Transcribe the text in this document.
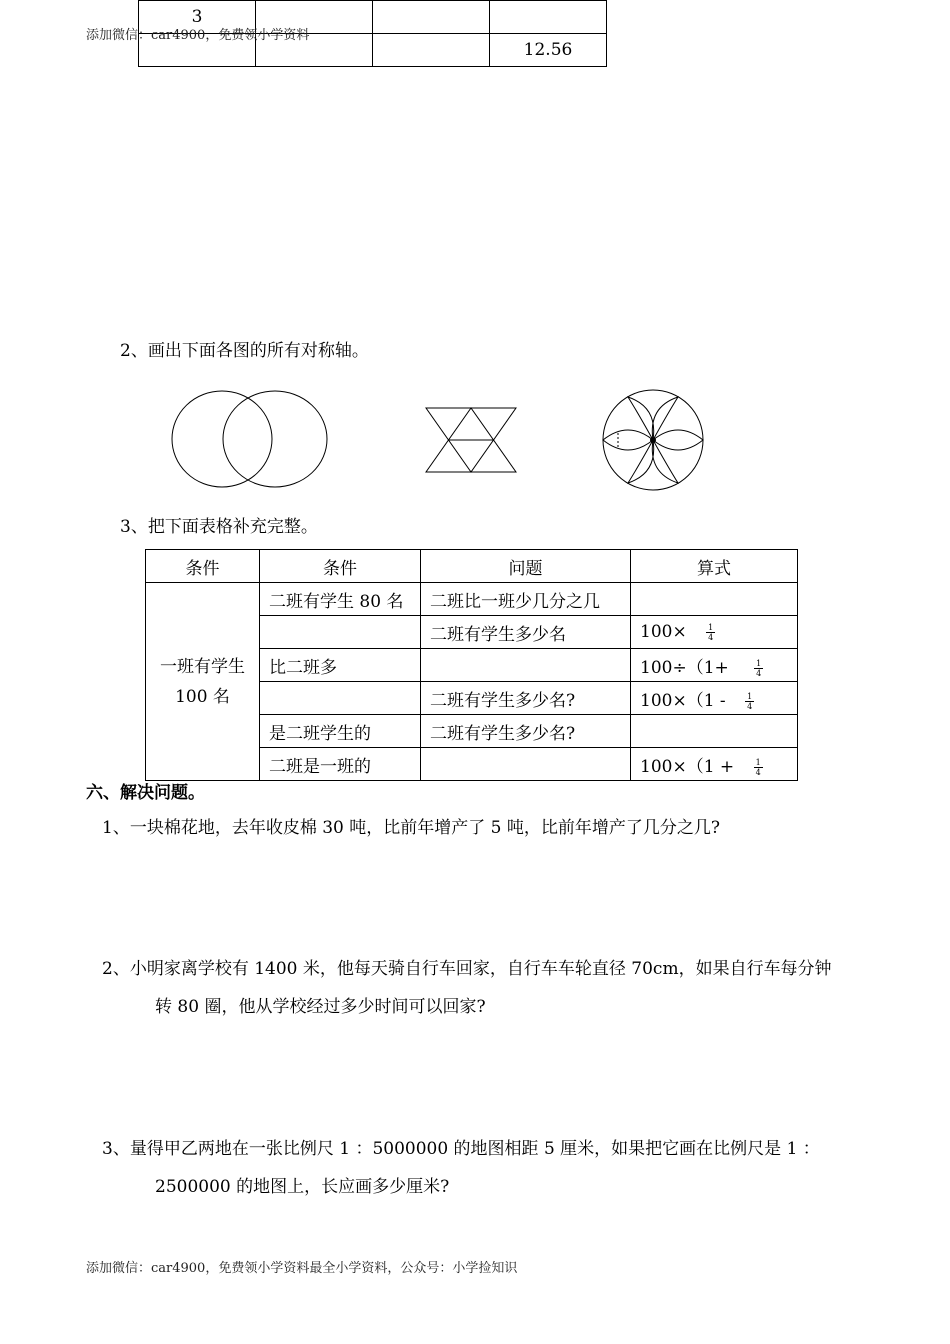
3			
			12.56
添加微信：car4900，免费领小学资料
2、画出下面各图的所有对称轴。
3、把下面表格补充完整。
条件	条件	问题	算式

一班有学生
100 名	二班有学生 80 名	二班比一班少几分之几	
		二班有学生多少名	$100\times \frac{1}{4}$

	比二班多		$100\div(1+ \frac{1}{4}$

		二班有学生多少名?	$100\times(1 - \frac{1}{4}$

	是二班学生的	二班有学生多少名?	
	二班是一班的		$100\times(1 + \frac{1}{4}$
六、解决问题。
1、一块棉花地，去年收皮棉 30 吨，比前年增产了 5 吨，比前年增产了几分之几?
2、小明家离学校有 1400 米，他每天骑自行车回家，自行车车轮直径 70cm，如果自行车每分钟
转 80 圈，他从学校经过多少时间可以回家?
3、量得甲乙两地在一张比例尺 1 ：5000000 的地图相距 5 厘米，如果把它画在比例尺是 1 ：
2500000 的地图上，长应画多少厘米?
添加微信：car4900，免费领小学资料最全小学资料，公众号：小学捡知识
